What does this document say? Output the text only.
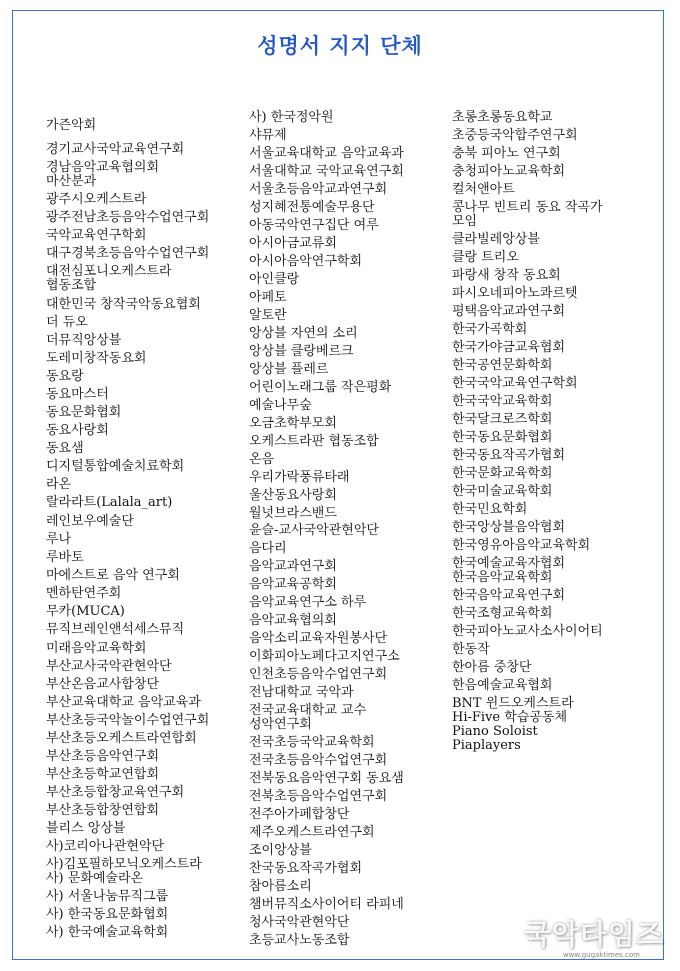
성명서 지지 단체
가즌악회
경기교사국악교육연구회
경남음악교육협의회
마산분과
광주시오케스트라
광주전남초등음악수업연구회
국악교육연구학회
대구경북초등음악수업연구회
대전심포니오케스트라
협동조합
대한민국 창작국악동요협회
더 듀오
더뮤직앙상블
도레미창작동요회
동요랑
동요마스터
동요문화협회
동요사랑회
동요샘
디지털통합예술치료학회
라온
랄라라트(Lalala_art)
레인보우예술단
루나
루바토
마에스트로 음악 연구회
멘하탄연주회
무카(MUCA)
뮤직브레인앤석세스뮤직
미래음악교육학회
부산교사국악관현악단
부산온음교사합창단
부산교육대학교 음악교육과
부산초등국악놀이수업연구회
부산초등오케스트라연합회
부산초등음악연구회
부산초등학교연합회
부산초등합창교육연구회
부산초등합창연합회
블리스 앙상블
사)코리아나관현악단
사)김포필하모닉오케스트라
사) 문화예술라온
사) 서울나눔뮤직그룹
사) 한국동요문화협회
사) 한국예술교육학회
사) 한국정악원
샤뮤제
서울교육대학교 음악교육과
서울대학교 국악교육연구회
서울초등음악교과연구회
성지혜전통예술무용단
아동국악연구집단 여루
아시아금교류회
아시아음악연구학회
아인클랑
아페토
알토란
앙상블 자연의 소리
앙상블 클랑베르크
앙상블 플레르
어린이노래그룹 작은평화
예술나무숲
오금초학부모회
오케스트라판 협동조합
온음
우리가락풍류타래
울산동요사랑회
월넛브라스밴드
윤슬-교사국악관현악단
음다리
음악교과연구회
음악교육공학회
음악교육연구소 하루
음악교육협의회
음악소리교육자원봉사단
이화피아노페다고지연구소
인천초등음악수업연구회
전남대학교 국악과
전국교육대학교 교수
성악연구회
전국초등국악교육학회
전국초등음악수업연구회
전북동요음악연구회 동요샘
전북초등음악수업연구회
전주아가페합창단
제주오케스트라연구회
조이앙상블
찬국동요작곡가협회
참아름소리
챔버뮤직소사이어티 라피네
청사국악관현악단
초등교사노동조합
초롱초롱동요학교
초중등국악합주연구회
충북 피아노 연구회
충청피아노교육학회
컬처앤아트
콩나무 빈트리 동요 작곡가
모임
클라빌레앙상블
클랑 트리오
파랑새 창작 동요회
파시오네피아노콰르텟
평택음악교과연구회
한국가곡학회
한국가야금교육협회
한국공연문화학회
한국국악교육연구학회
한국국악교육학회
한국달크로즈학회
한국동요문화협회
한국동요작곡가협회
한국문화교육학회
한국미술교육학회
한국민요학회
한국앙상블음악협회
한국영유아음악교육학회
한국예술교육자협회
한국음악교육학회
한국음악교육연구회
한국조형교육학회
한국피아노교사소사이어티
한동작
한아름 중창단
한음예술교육협회
BNT 윈드오케스트라
Hi-Five 학습공동체
Piano Soloist
Piaplayers
국악타임즈
www.gugaktimes.com
